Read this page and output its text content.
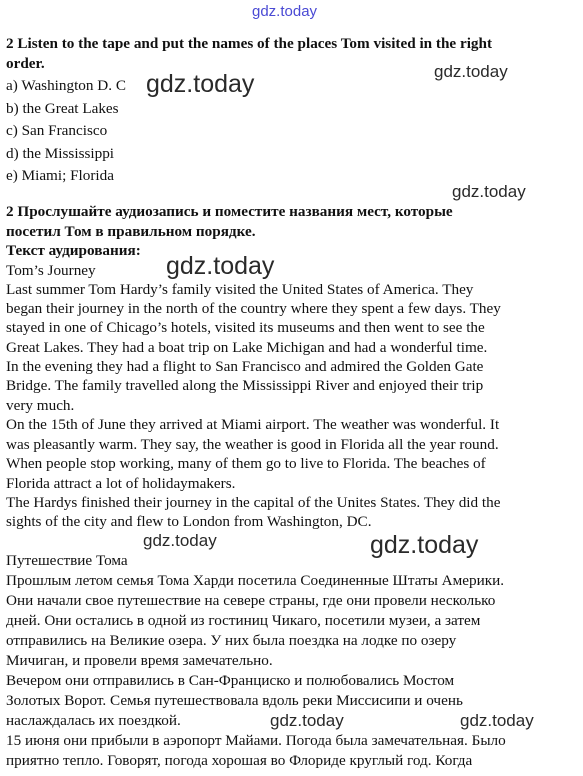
gdz.today
gdz.today	gdz.today
gdz.today
gdz.today
gdz.today	gdz.today
gdz.today	gdz.today
2 Listen to the tape and put the names of the places Tom visited in the right
order.
a) Washington D. C
b) the Great Lakes
c) San Francisco
d) the Mississippi
e) Miami; Florida
2 Прослушайте аудиозапись и поместите названия мест, которые
посетил Том в правильном порядке.
Текст аудирования:
Tom’s Journey
Last summer Tom Hardy’s family visited the United States of America. They
began their journey in the north of the country where they spent a few days. They
stayed in one of Chicago’s hotels, visited its museums and then went to see the
Great Lakes. They had a boat trip on Lake Michigan and had a wonderful time.
In the evening they had a flight to San Francisco and admired the Golden Gate
Bridge. The family travelled along the Mississippi River and enjoyed their trip
very much.
On the 15th of June they arrived at Miami airport. The weather was wonderful. It
was pleasantly warm. They say, the weather is good in Florida all the year round.
When people stop working, many of them go to live to Florida. The beaches of
Florida attract a lot of holidaymakers.
The Hardys finished their journey in the capital of the Unites States. They did the
sights of the city and flew to London from Washington, DC.
Путешествие Тома
Прошлым летом семья Тома Харди посетила Соединенные Штаты Америки.
Они начали свое путешествие на севере страны, где они провели несколько
дней. Они остались в одной из гостиниц Чикаго, посетили музеи, а затем
отправились на Великие озера. У них была поездка на лодке по озеру
Мичиган, и провели время замечательно.
Вечером они отправились в Сан-Франциско и полюбовались Мостом
Золотых Ворот. Семья путешествовала вдоль реки Миссисипи и очень
наслаждалась их поездкой.
15 июня они прибыли в аэропорт Майами. Погода была замечательная. Было
приятно тепло. Говорят, погода хорошая во Флориде круглый год. Когда
